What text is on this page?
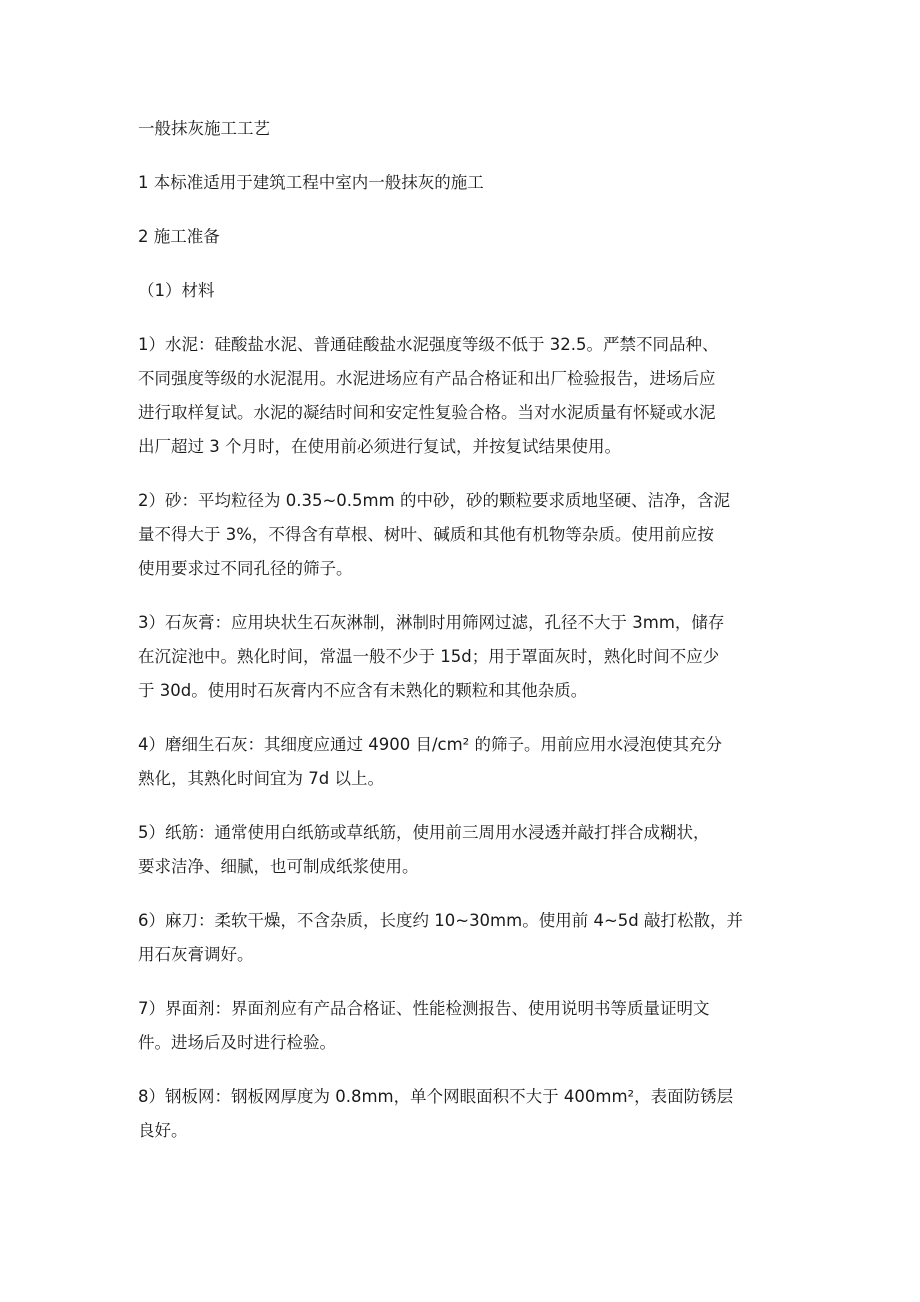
一般抹灰施工工艺

1 本标准适用于建筑工程中室内一般抹灰的施工

2 施工准备

（1）材料

1）水泥：硅酸盐水泥、普通硅酸盐水泥强度等级不低于 32.5。严禁不同品种、

不同强度等级的水泥混用。水泥进场应有产品合格证和出厂检验报告，进场后应

进行取样复试。水泥的凝结时间和安定性复验合格。当对水泥质量有怀疑或水泥

出厂超过 3 个月时，在使用前必须进行复试，并按复试结果使用。

2）砂：平均粒径为 0.35~0.5mm 的中砂，砂的颗粒要求质地坚硬、洁净，含泥

量不得大于 3%，不得含有草根、树叶、碱质和其他有机物等杂质。使用前应按

使用要求过不同孔径的筛子。

3）石灰膏：应用块状生石灰淋制，淋制时用筛网过滤，孔径不大于 3mm，储存

在沉淀池中。熟化时间，常温一般不少于 15d；用于罩面灰时，熟化时间不应少

于 30d。使用时石灰膏内不应含有未熟化的颗粒和其他杂质。

4）磨细生石灰：其细度应通过 4900 目/cm² 的筛子。用前应用水浸泡使其充分

熟化，其熟化时间宜为 7d 以上。

5）纸筋：通常使用白纸筋或草纸筋，使用前三周用水浸透并敲打拌合成糊状，

要求洁净、细腻，也可制成纸浆使用。

6）麻刀：柔软干燥，不含杂质，长度约 10~30mm。使用前 4~5d 敲打松散，并

用石灰膏调好。

7）界面剂：界面剂应有产品合格证、性能检测报告、使用说明书等质量证明文

件。进场后及时进行检验。

8）钢板网：钢板网厚度为 0.8mm，单个网眼面积不大于 400mm²，表面防锈层

良好。
